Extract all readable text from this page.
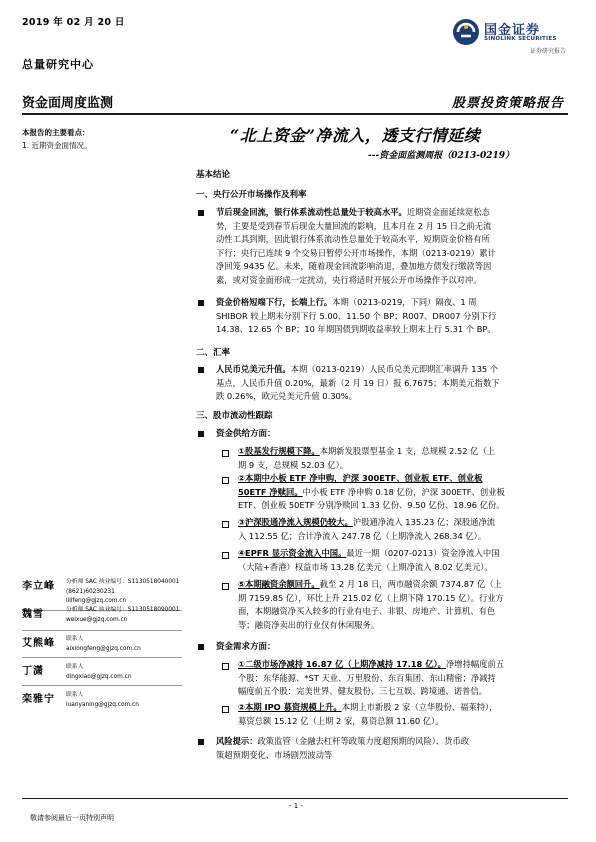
2019 年 02 月 20 日
国金证券
SINOLINK SECURITIES
证券研究报告
总量研究中心
资金面周度监测	股票投资策略报告
本报告的主要看点：
1. 近期资金面情况。
“北上资金”净流入，透支行情延续
---资金面监测周报（0213-0219）
基本结论
一、央行公开市场操作及利率
节后现金回流，银行体系流动性总量处于较高水平。近期资金面延续宽松态
势，主要是受到春节后现金大量回流的影响，且本月在 2 月 15 日之前无流
动性工具到期，因此银行体系流动性总量处于较高水平，短期资金价格有所
下行；央行已连续 9 个交易日暂停公开市场操作，本期（0213-0219）累计
净回笼 9435 亿。未来，随着现金回流影响消退，叠加地方债发行缴款等因
素，或对资金面形成一定扰动，央行将适时开展公开市场操作予以对冲。
资金价格短端下行，长端上行。本期（0213-0219，下同）隔夜、1 周
SHIBOR 较上期末分别下行 5.00、11.50 个 BP；R007、DR007 分别下行
14.38、12.65 个 BP；10 年期国债到期收益率较上期末上行 5.31 个 BP。
二、汇率
人民币兑美元升值。本期（0213-0219）人民币兑美元即期汇率调升 135 个
基点，人民币升值 0.20%，最新（2 月 19 日）报 6.7675；本期美元指数下
跌 0.26%，欧元兑美元升值 0.30%。
三、股市流动性跟踪
资金供给方面：
①股基发行规模下降。本期新发股票型基金 1 支，总规模 2.52 亿（上
期 9 支，总规模 52.03 亿）。
②本期中小板 ETF 净申购，沪深 300ETF、创业板 ETF、创业板
50ETF 净赎回。中小板 ETF 净申购 0.18 亿份，沪深 300ETF、创业板
ETF、创业板 50ETF 分别净赎回 1.33 亿份、9.50 亿份、18.96 亿份。
③沪深股通净流入规模仍较大。沪股通净流入 135.23 亿；深股通净流
入 112.55 亿；合计净流入 247.78 亿（上期净流入 268.34 亿）。
④EPFR 显示资金流入中国。最近一期（0207-0213）资金净流入中国
（大陆+香港）权益市场 13.28 亿美元（上期净流入 8.02 亿美元）。
⑤本期融资余额回升。截至 2 月 18 日，两市融资余额 7374.87 亿（上
期 7159.85 亿），环比上升 215.02 亿（上期下降 170.15 亿）。行业方
面，本期融资净买入较多的行业有电子、非银、房地产、计算机、有色
等；融资净卖出的行业仅有休闲服务。
资金需求方面：
①二级市场净减持 16.87 亿（上期净减持 17.18 亿）。净增持幅度前五
个股：东华能源、*ST 天业、万里股份、东百集团、东山精密；净减持
幅度前五个股：完美世界、健友股份、三七互娱、跨境通、诺普信。
②本期 IPO 募资规模上升。本期上市新股 2 家（立华股份、福莱特），
募资总额 15.12 亿（上期 2 家，募资总额 11.60 亿）。
风险提示：政策监管（金融去杠杆等政策力度超预期的风险）、货币政
策超预期变化、市场剧烈波动等
李立峰 分析师 SAC 执业编号：S1130518040001
(8621)60230231
lilifeng@gjzq.com.cn
魏雪	分析师 SAC 执业编号：S1130518090001
weixue@gjzq.com.cn
艾熊峰 联系人
aixiongfeng@gjzq.com.cn
丁潇	联系人
dingxiao@gjzq.com.cn
栾雅宁 联系人
luanyaning@gjzq.com.cn
- 1 -
敬请参阅最后一页特别声明
